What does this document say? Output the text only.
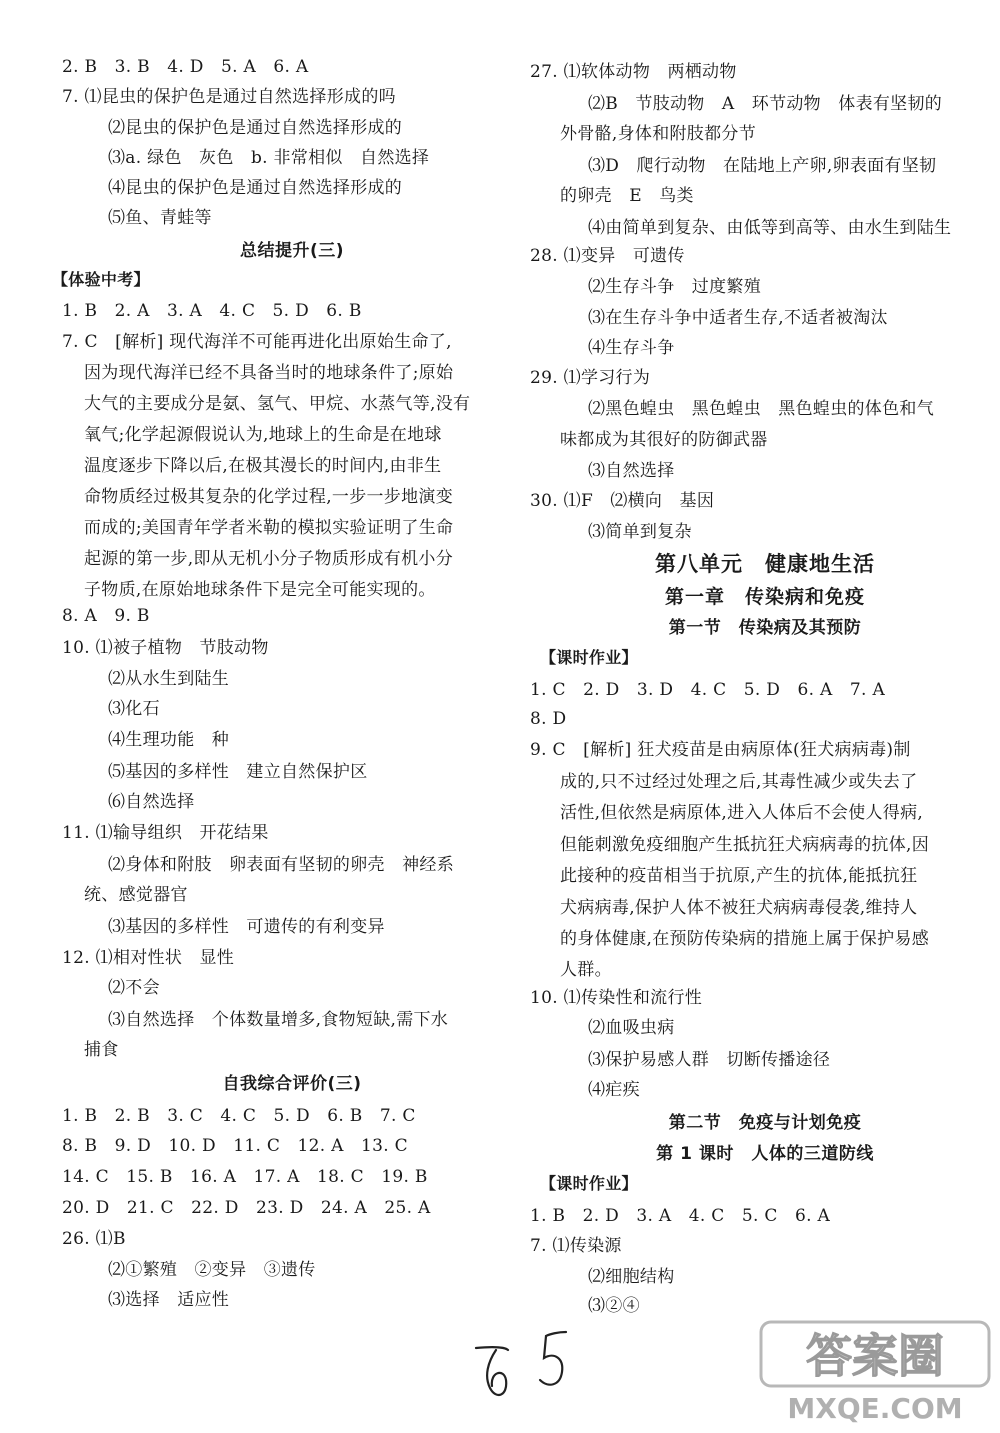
2. B　3. B　4. D　5. A　6. A
7. ⑴昆虫的保护色是通过自然选择形成的吗
⑵昆虫的保护色是通过自然选择形成的
⑶a. 绿色　灰色　b. 非常相似　自然选择
⑷昆虫的保护色是通过自然选择形成的
⑸鱼、青蛙等
总结提升(三)
【体验中考】
1. B　2. A　3. A　4. C　5. D　6. B
7. C　[解析] 现代海洋不可能再进化出原始生命了,
因为现代海洋已经不具备当时的地球条件了;原始
大气的主要成分是氨、氢气、甲烷、水蒸气等,没有
氧气;化学起源假说认为,地球上的生命是在地球
温度逐步下降以后,在极其漫长的时间内,由非生
命物质经过极其复杂的化学过程,一步一步地演变
而成的;美国青年学者米勒的模拟实验证明了生命
起源的第一步,即从无机小分子物质形成有机小分
子物质,在原始地球条件下是完全可能实现的。
8. A　9. B
10. ⑴被子植物　节肢动物
⑵从水生到陆生
⑶化石
⑷生理功能　种
⑸基因的多样性　建立自然保护区
⑹自然选择
11. ⑴输导组织　开花结果
⑵身体和附肢　卵表面有坚韧的卵壳　神经系
统、感觉器官
⑶基因的多样性　可遗传的有利变异
12. ⑴相对性状　显性
⑵不会
⑶自然选择　个体数量增多,食物短缺,需下水
捕食
自我综合评价(三)
1. B　2. B　3. C　4. C　5. D　6. B　7. C
8. B　9. D　10. D　11. C　12. A　13. C
14. C　15. B　16. A　17. A　18. C　19. B
20. D　21. C　22. D　23. D　24. A　25. A
26. ⑴B
⑵①繁殖　②变异　③遗传
⑶选择　适应性
27. ⑴软体动物　两栖动物
⑵B　节肢动物　A　环节动物　体表有坚韧的
外骨骼,身体和附肢都分节
⑶D　爬行动物　在陆地上产卵,卵表面有坚韧
的卵壳　E　鸟类
⑷由简单到复杂、由低等到高等、由水生到陆生
28. ⑴变异　可遗传
⑵生存斗争　过度繁殖
⑶在生存斗争中适者生存,不适者被淘汰
⑷生存斗争
29. ⑴学习行为
⑵黑色蝗虫　黑色蝗虫　黑色蝗虫的体色和气
味都成为其很好的防御武器
⑶自然选择
30. ⑴F　⑵横向　基因
⑶简单到复杂
第八单元　健康地生活
第一章　传染病和免疫
第一节　传染病及其预防
【课时作业】
1. C　2. D　3. D　4. C　5. D　6. A　7. A
8. D
9. C　[解析] 狂犬疫苗是由病原体(狂犬病病毒)制
成的,只不过经过处理之后,其毒性减少或失去了
活性,但依然是病原体,进入人体后不会使人得病,
但能刺激免疫细胞产生抵抗狂犬病病毒的抗体,因
此接种的疫苗相当于抗原,产生的抗体,能抵抗狂
犬病病毒,保护人体不被狂犬病病毒侵袭,维持人
的身体健康,在预防传染病的措施上属于保护易感
人群。
10. ⑴传染性和流行性
⑵血吸虫病
⑶保护易感人群　切断传播途径
⑷疟疾
第二节　免疫与计划免疫
第 1 课时　人体的三道防线
【课时作业】
1. B　2. D　3. A　4. C　5. C　6. A
7. ⑴传染源
⑵细胞结构
⑶②④
答案圈
MXQE.COM
